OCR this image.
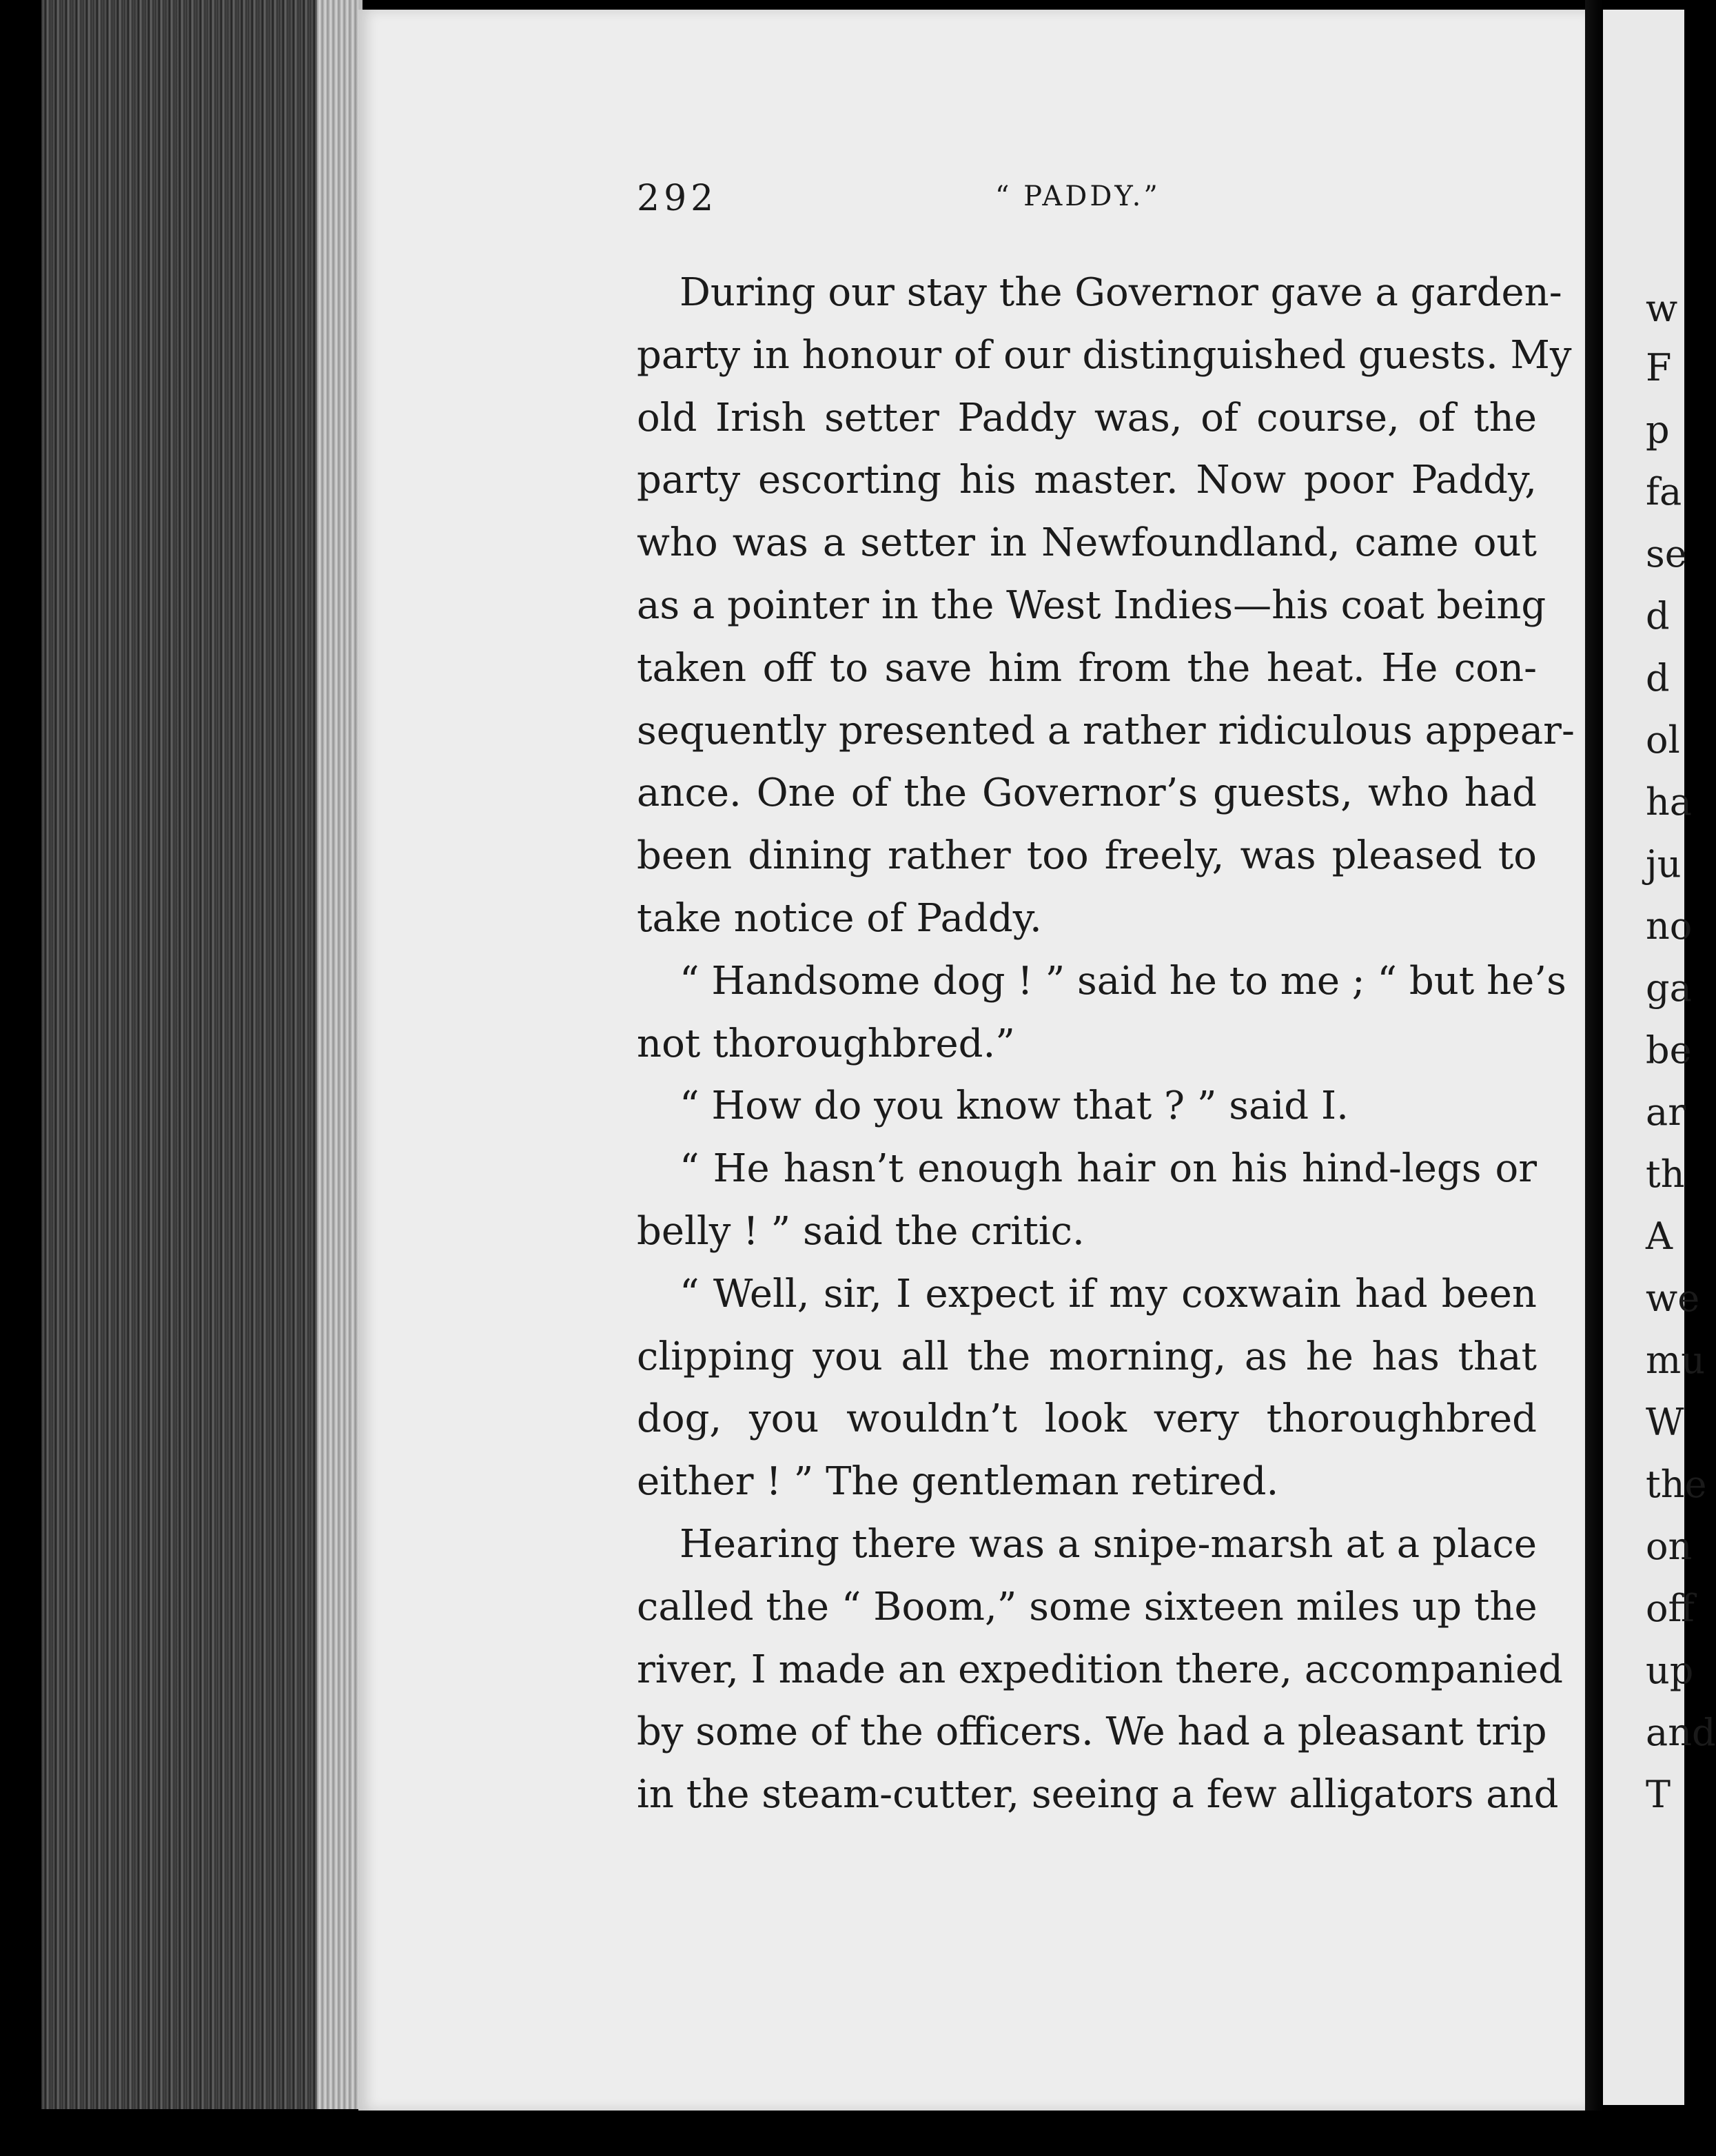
292	“ PADDY.”
During our stay the Governor gave a garden-
party in honour of our distinguished guests. My
old Irish setter Paddy was, of course, of the
party escorting his master. Now poor Paddy,
who was a setter in Newfoundland, came out
as a pointer in the West Indies—his coat being
taken off to save him from the heat. He con-
sequently presented a rather ridiculous appear-
ance. One of the Governor’s guests, who had
been dining rather too freely, was pleased to
take notice of Paddy.
“ Handsome dog ! ” said he to me ; “ but he’s
not thoroughbred.”
“ How do you know that ? ” said I.
“ He hasn’t enough hair on his hind-legs or
belly ! ” said the critic.
“ Well, sir, I expect if my coxwain had been
clipping you all the morning, as he has that
dog, you wouldn’t look very thoroughbred
either ! ” The gentleman retired.
Hearing there was a snipe-marsh at a place
called the “ Boom,” some sixteen miles up the
river, I made an expedition there, accompanied
by some of the officers. We had a pleasant trip
in the steam-cutter, seeing a few alligators and
w
F
p
fa
se
d
d
ol
ha
ju
no
ga
be
ar
th
A
we
mu
W
the
on
off
up
and
T
